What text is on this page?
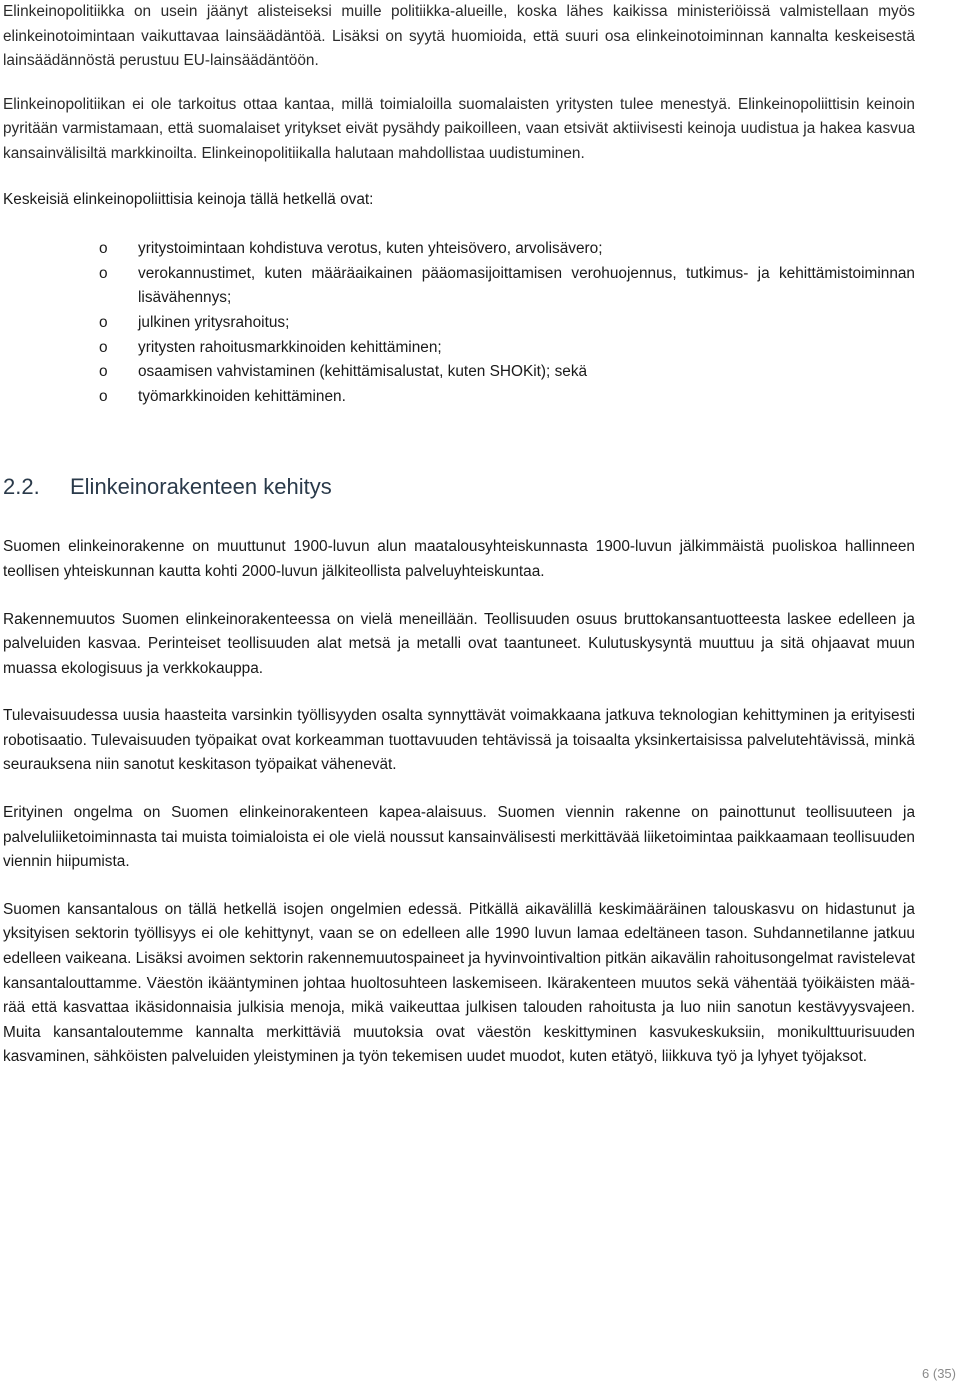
Elinkeinopolitiikka on usein jäänyt alisteiseksi muille politiikka-alueille, koska lähes kaikissa ministeriöissä valmistellaan myös elinkeinotoimintaan vaikuttavaa lainsäädäntöä. Lisäksi on syytä huomioida, että suuri osa elinkeinotoiminnan kannalta keskeisestä lainsäädännöstä perustuu EU-lainsäädäntöön.

Elinkeinopolitiikan ei ole tarkoitus ottaa kantaa, millä toimialoilla suomalaisten yritysten tulee menestyä. Elinkeinopoliittisin keinoin pyritään varmistamaan, että suomalaiset yritykset eivät pysähdy paikoilleen, vaan etsivät aktiivisesti keinoja uudistua ja hakea kasvua kansainvälisiltä markkinoilta. Elinkeinopolitiikalla halutaan mahdollistaa uudistuminen.

Keskeisiä elinkeinopoliittisia keinoja tällä hetkellä ovat:

o yritystoimintaan kohdistuva verotus, kuten yhteisövero, arvolisävero;
o verokannustimet, kuten määräaikainen pääomasijoittamisen verohuojennus, tutkimus- ja kehittämistoiminnan lisävähennys;
o julkinen yritysrahoitus;
o yritysten rahoitusmarkkinoiden kehittäminen;
o osaamisen vahvistaminen (kehittämisalustat, kuten SHOKit); sekä
o työmarkkinoiden kehittäminen.
2.2. Elinkeinorakenteen kehitys

Suomen elinkeinorakenne on muuttunut 1900-luvun alun maatalousyhteiskunnasta 1900-luvun jälkimmäistä puoliskoa hallinneen teollisen yhteiskunnan kautta kohti 2000-luvun jälkiteollista palveluyhteiskuntaa.

Rakennemuutos Suomen elinkeinorakenteessa on vielä meneillään. Teollisuuden osuus bruttokansantuotteesta laskee edelleen ja palveluiden kasvaa. Perinteiset teollisuuden alat metsä ja metalli ovat taantuneet. Kulutuskysyntä muuttuu ja sitä ohjaavat muun muassa ekologisuus ja verkkokauppa.

Tulevaisuudessa uusia haasteita varsinkin työllisyyden osalta synnyttävät voimakkaana jatkuva teknologian kehittyminen ja erityisesti robotisaatio. Tulevaisuuden työpaikat ovat korkeamman tuottavuuden tehtävissä ja toisaalta yksinkertaisissa palvelutehtävissä, minkä seurauksena niin sanotut keskitason työpaikat vähenevät.

Erityinen ongelma on Suomen elinkeinorakenteen kapea-alaisuus. Suomen viennin rakenne on painottunut teollisuuteen ja palveluliiketoiminnasta tai muista toimialoista ei ole vielä noussut kansainvälisesti merkittävää liiketoimintaa paikkaamaan teollisuuden viennin hiipumista.

Suomen kansantalous on tällä hetkellä isojen ongelmien edessä. Pitkällä aikavälillä keskimääräinen talouskasvu on hidastunut ja yksityisen sektorin työllisyys ei ole kehittynyt, vaan se on edelleen alle 1990 luvun lamaa edeltäneen tason. Suhdannetilanne jatkuu edelleen vaikeana. Lisäksi avoimen sektorin rakennemuutospaineet ja hyvinvointivaltion pitkän aikavälin rahoitusongelmat ravistelevat kansantalouttamme. Väestön ikääntyminen johtaa huoltosuhteen laskemiseen. Ikärakenteen muutos sekä vähentää työikäisten määrää että kasvattaa ikäsidonnaisia julkisia menoja, mikä vaikeuttaa julkisen talouden rahoitusta ja luo niin sanotun kestävyysvajeen. Muita kansantaloutemme kannalta merkittäviä muutoksia ovat väestön keskittyminen kasvukeskuksiin, monikulttuurisuuden kasvaminen, sähköisten palveluiden yleistyminen ja työn tekemisen uudet muodot, kuten etätyö, liikkuva työ ja lyhyet työjaksot.

6 (35)
